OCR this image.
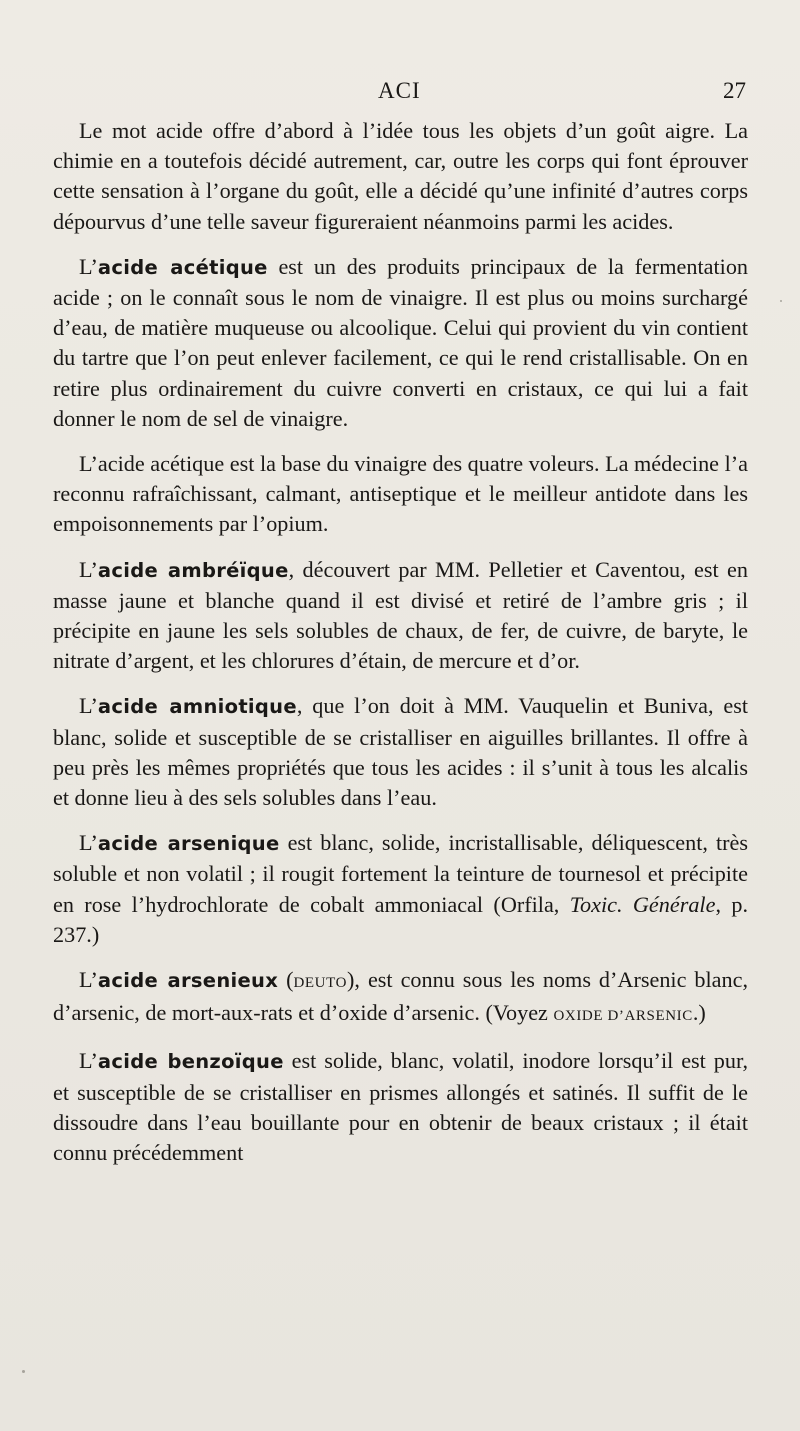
ACI	27

Le mot acide offre d’abord à l’idée tous les objets d’un goût aigre. La chimie en a toutefois décidé autrement, car, outre les corps qui font éprouver cette sensation à l’organe du goût, elle a décidé qu’une infinité d’autres corps dépourvus d’une telle saveur figureraient néanmoins parmi les acides.

L’acide acétique est un des produits principaux de la fermentation acide ; on le connaît sous le nom de vinaigre. Il est plus ou moins surchargé d’eau, de matière muqueuse ou alcoolique. Celui qui provient du vin contient du tartre que l’on peut enlever facilement, ce qui le rend cristallisable. On en retire plus ordinairement du cuivre converti en cristaux, ce qui lui a fait donner le nom de sel de vinaigre.

L’acide acétique est la base du vinaigre des quatre voleurs. La médecine l’a reconnu rafraîchissant, calmant, antiseptique et le meilleur antidote dans les empoisonnements par l’opium.

L’acide ambréïque, découvert par MM. Pelletier et Caventou, est en masse jaune et blanche quand il est divisé et retiré de l’ambre gris ; il précipite en jaune les sels solubles de chaux, de fer, de cuivre, de baryte, le nitrate d’argent, et les chlorures d’étain, de mercure et d’or.

L’acide amniotique, que l’on doit à MM. Vauquelin et Buniva, est blanc, solide et susceptible de se cristalliser en aiguilles brillantes. Il offre à peu près les mêmes propriétés que tous les acides : il s’unit à tous les alcalis et donne lieu à des sels solubles dans l’eau.

L’acide arsenique est blanc, solide, incristallisable, déliquescent, très soluble et non volatil ; il rougit fortement la teinture de tournesol et précipite en rose l’hydrochlorate de cobalt ammoniacal (Orfila, Toxic. Générale, p. 237.)

L’acide arsenieux (DEUTO), est connu sous les noms d’Arsenic blanc, d’arsenic, de mort-aux-rats et d’oxide d’arsenic. (Voyez OXIDE D’ARSENIC.)

L’acide benzoïque est solide, blanc, volatil, inodore lorsqu’il est pur, et susceptible de se cristalliser en prismes allongés et satinés. Il suffit de le dissoudre dans l’eau bouillante pour en obtenir de beaux cristaux ; il était connu précédemment
